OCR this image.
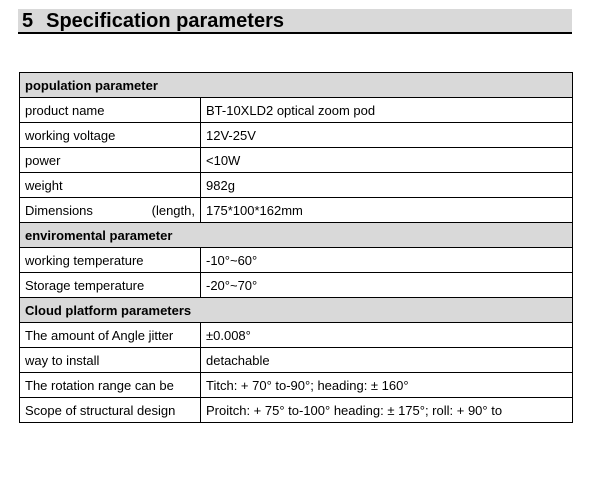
5 Specification parameters
population parameter	
product name	BT-10XLD2 optical zoom pod
working voltage	12V-25V
power	<10W
weight	982g

Dimensions (length,	175*100*162mm
enviromental parameter	
working temperature	-10°~60°
Storage temperature	-20°~70°
Cloud platform parameters	
The amount of Angle jitter	±0.008°
way to install	detachable
The rotation range can be	Titch: + 70° to-90°; heading: ± 160°
Scope of structural design	Proitch: + 75° to-100° heading: ± 175°; roll: + 90° to
